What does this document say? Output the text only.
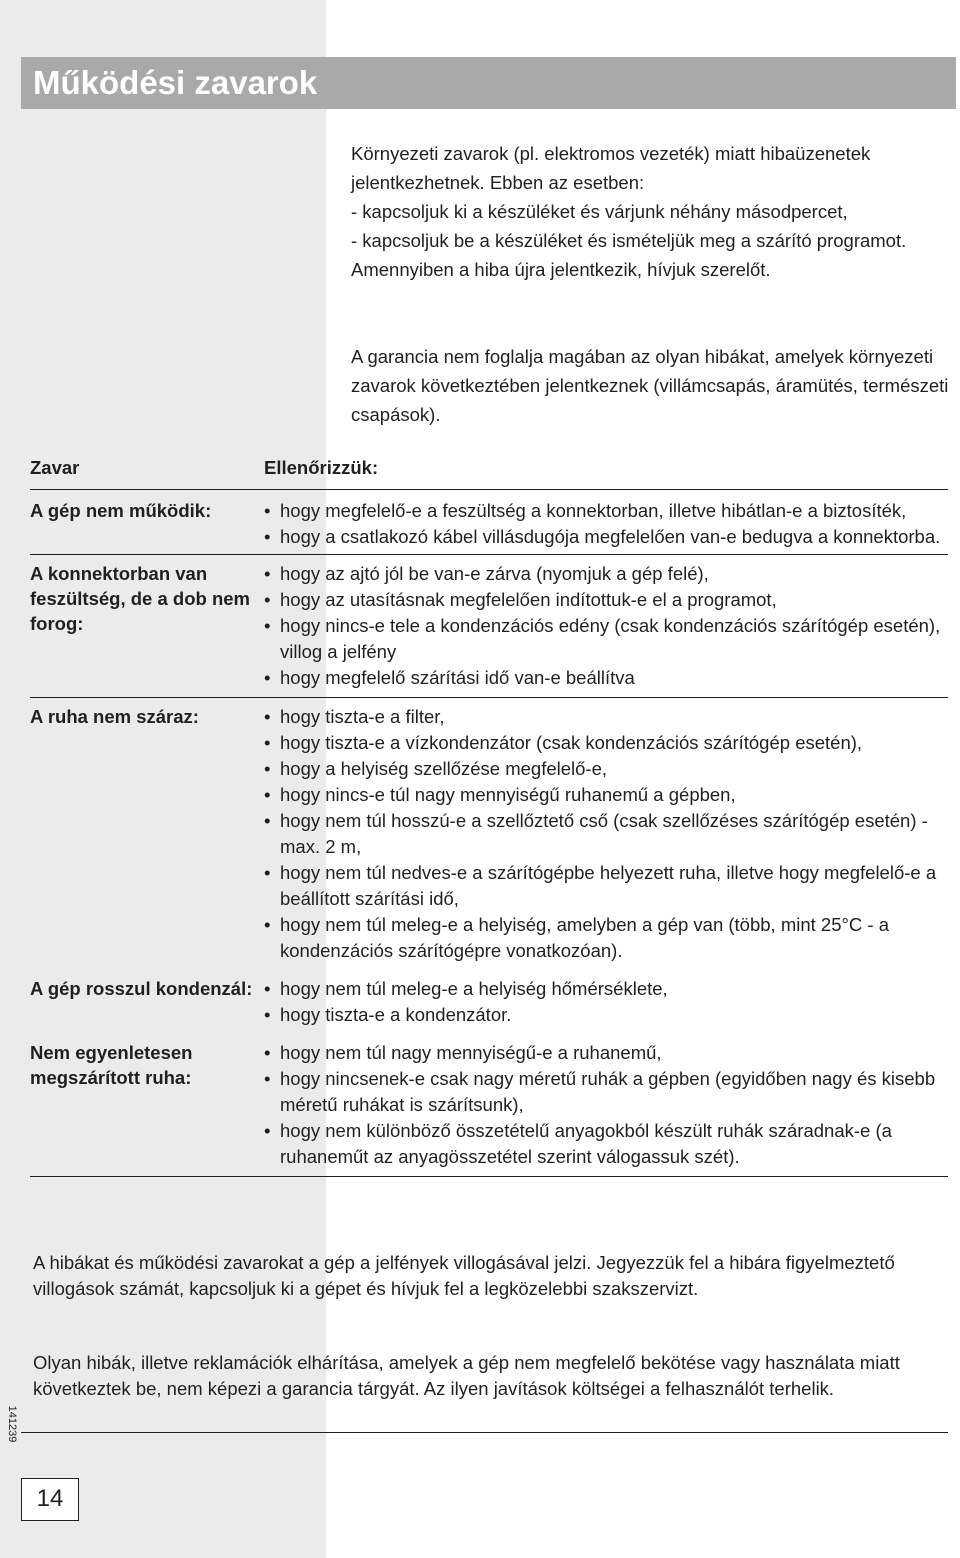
Működési zavarok

Környezeti zavarok (pl. elektromos vezeték) miatt hibaüzenetek jelentkezhetnek. Ebben az esetben:

- kapcsoljuk ki a készüléket és várjunk néhány másodpercet,

- kapcsoljuk be a készüléket és ismételjük meg a szárító programot.

Amennyiben a hiba újra jelentkezik, hívjuk szerelőt.

A garancia nem foglalja magában az olyan hibákat, amelyek környezeti zavarok következtében jelentkeznek (villámcsapás, áramütés, természeti csapások).

Zavar	Ellenőrizzük:
A gép nem működik:	• hogy megfelelő-e a feszültség a konnektorban, illetve hibátlan-e a biztosíték,
• hogy a csatlakozó kábel villásdugója megfelelően van-e bedugva a konnektorba.
A konnektorban van feszültség, de a dob nem forog:
• hogy az ajtó jól be van-e zárva (nyomjuk a gép felé),
• hogy az utasításnak megfelelően indítottuk-e el a programot,
• hogy nincs-e tele a kondenzációs edény (csak kondenzációs szárítógép esetén), villog a jelfény
• hogy megfelelő szárítási idő van-e beállítva
A ruha nem száraz:	• hogy tiszta-e a filter,
• hogy tiszta-e a vízkondenzátor (csak kondenzációs szárítógép esetén),
• hogy a helyiség szellőzése megfelelő-e,
• hogy nincs-e túl nagy mennyiségű ruhanemű a gépben,
• hogy nem túl hosszú-e a szellőztető cső (csak szellőzéses szárítógép esetén) - max. 2 m,
• hogy nem túl nedves-e a szárítógépbe helyezett ruha, illetve hogy megfelelő-e a beállított szárítási idő,
• hogy nem túl meleg-e a helyiség, amelyben a gép van (több, mint 25°C - a kondenzációs szárítógépre vonatkozóan).
A gép rosszul kondenzál:	• hogy nem túl meleg-e a helyiség hőmérséklete,
• hogy tiszta-e a kondenzátor.
Nem egyenletesen megszárított ruha:
• hogy nem túl nagy mennyiségű-e a ruhanemű,
• hogy nincsenek-e csak nagy méretű ruhák a gépben (egyidőben nagy és kisebb méretű ruhákat is szárítsunk),
• hogy nem különböző összetételű anyagokból készült ruhák száradnak-e (a ruhaneműt az anyagösszetétel szerint válogassuk szét).

A hibákat és működési zavarokat a gép a jelfények villogásával jelzi. Jegyezzük fel a hibára figyelmeztető villogások számát, kapcsoljuk ki a gépet és hívjuk fel a legközelebbi szakszervizt.

Olyan hibák, illetve reklamációk elhárítása, amelyek a gép nem megfelelő bekötése vagy használata miatt következtek be, nem képezi a garancia tárgyát. Az ilyen javítások költségei a felhasználót terhelik.

141239
14
